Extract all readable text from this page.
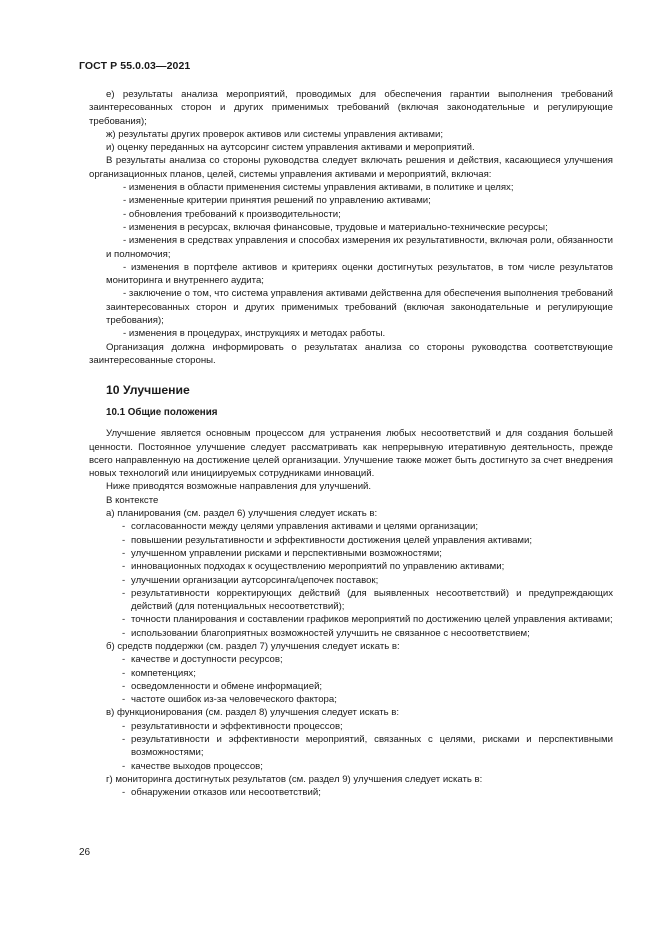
ГОСТ Р 55.0.03—2021

е) результаты анализа мероприятий, проводимых для обеспечения гарантии выполнения требований заинтересованных сторон и других применимых требований (включая законодательные и регулирующие требования);

ж) результаты других проверок активов или системы управления активами;

и) оценку переданных на аутсорсинг систем управления активами и мероприятий.

В результаты анализа со стороны руководства следует включать решения и действия, касающиеся улучшения организационных планов, целей, системы управления активами и мероприятий, включая:

- изменения в области применения системы управления активами, в политике и целях;

- измененные критерии принятия решений по управлению активами;

- обновления требований к производительности;

- изменения в ресурсах, включая финансовые, трудовые и материально-технические ресурсы;

- изменения в средствах управления и способах измерения их результативности, включая роли, обязанности и полномочия;

- изменения в портфеле активов и критериях оценки достигнутых результатов, в том числе результатов мониторинга и внутреннего аудита;

- заключение о том, что система управления активами действенна для обеспечения выполнения требований заинтересованных сторон и других применимых требований (включая законодательные и регулирующие требования);

- изменения в процедурах, инструкциях и методах работы.

Организация должна информировать о результатах анализа со стороны руководства соответствующие заинтересованные стороны.

10 Улучшение
10.1 Общие положения

Улучшение является основным процессом для устранения любых несоответствий и для создания большей ценности. Постоянное улучшение следует рассматривать как непрерывную итеративную деятельность, прежде всего направленную на достижение целей организации. Улучшение также может быть достигнуто за счет внедрения новых технологий или инициируемых сотрудниками инноваций.

Ниже приводятся возможные направления для улучшений.

В контексте

а) планирования (см. раздел 6) улучшения следует искать в:
- согласованности между целями управления активами и целями организации;
- повышении результативности и эффективности достижения целей управления активами;
- улучшенном управлении рисками и перспективными возможностями;
- инновационных подходах к осуществлению мероприятий по управлению активами;
- улучшении организации аутсорсинга/цепочек поставок;
- результативности корректирующих действий (для выявленных несоответствий) и предупреждающих действий (для потенциальных несоответствий);
- точности планирования и составлении графиков мероприятий по достижению целей управления активами;
- использовании благоприятных возможностей улучшить не связанное с несоответствием;
б) средств поддержки (см. раздел 7) улучшения следует искать в:
- качестве и доступности ресурсов;
- компетенциях;
- осведомленности и обмене информацией;
- частоте ошибок из-за человеческого фактора;
в) функционирования (см. раздел 8) улучшения следует искать в:
- результативности и эффективности процессов;
- результативности и эффективности мероприятий, связанных с целями, рисками и перспективными возможностями;
- качестве выходов процессов;
г) мониторинга достигнутых результатов (см. раздел 9) улучшения следует искать в:
- обнаружении отказов или несоответствий;
26
